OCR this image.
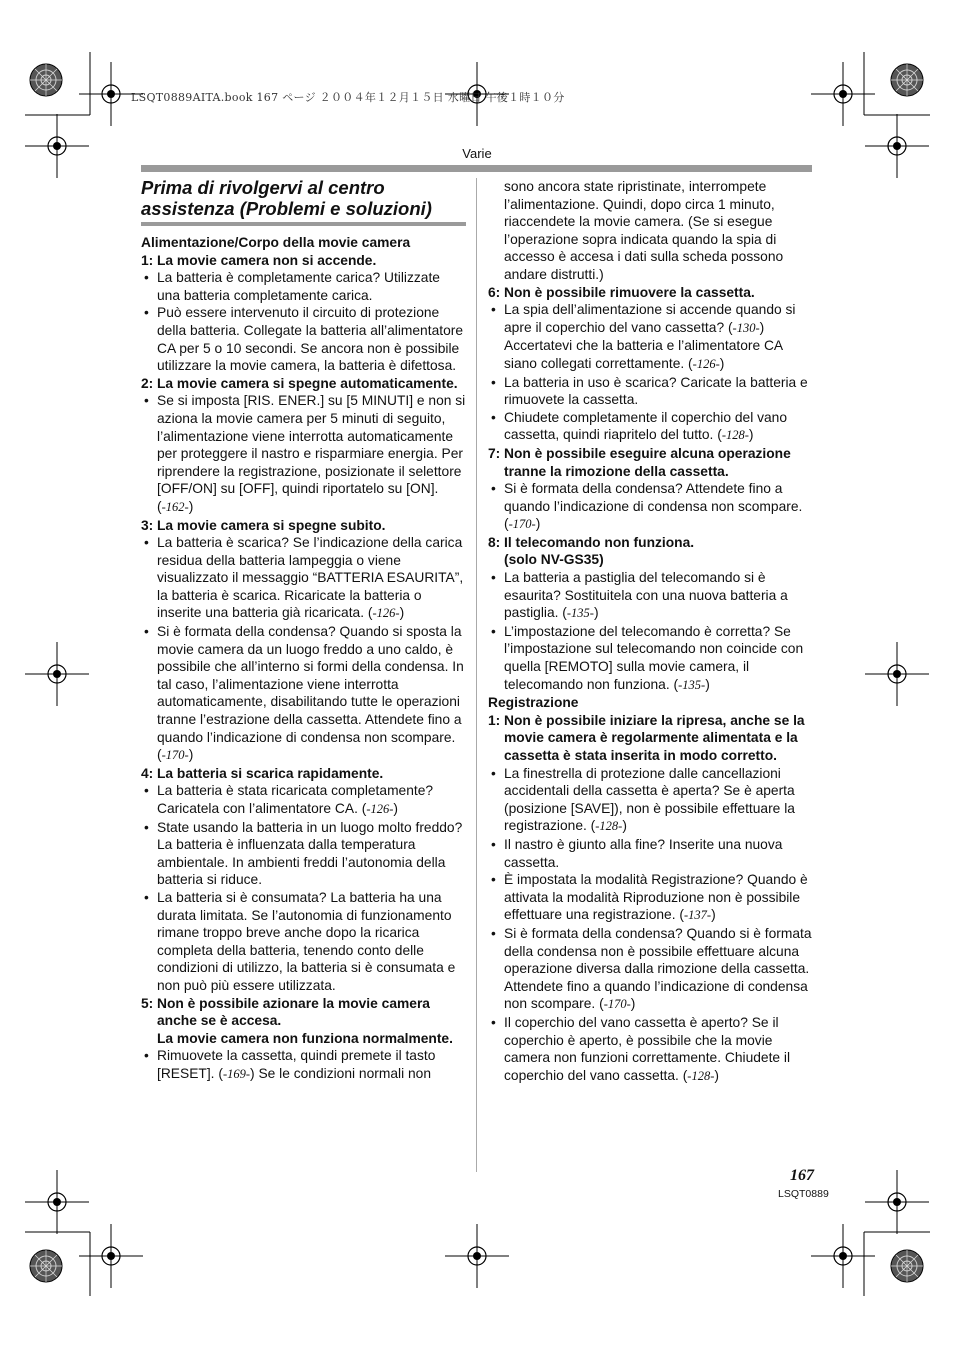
LSQT0889AITA.book 167 ページ ２００４年１２月１５日 水曜日 午後１時１０分
Varie
Prima di rivolgervi al centro assistenza (Problemi e soluzioni)
Alimentazione/Corpo della movie camera
1: La movie camera non si accende.
• La batteria è completamente carica? Utilizzate una batteria completamente carica.
• Può essere intervenuto il circuito di protezione della batteria. Collegate la batteria all’alimentatore CA per 5 o 10 secondi. Se ancora non è possibile utilizzare la movie camera, la batteria è difettosa.
2: La movie camera si spegne automaticamente.
• Se si imposta [RIS. ENER.] su [5 MINUTI] e non si aziona la movie camera per 5 minuti di seguito, l’alimentazione viene interrotta automaticamente per proteggere il nastro e risparmiare energia. Per riprendere la registrazione, posizionate il selettore [OFF/ON] su [OFF], quindi riportatelo su [ON]. (-162-)
3: La movie camera si spegne subito.
• La batteria è scarica? Se l’indicazione della carica residua della batteria lampeggia o viene visualizzato il messaggio “BATTERIA ESAURITA”, la batteria è scarica. Ricaricate la batteria o inserite una batteria già ricaricata. (-126-)
• Si è formata della condensa? Quando si sposta la movie camera da un luogo freddo a uno caldo, è possibile che all’interno si formi della condensa. In tal caso, l’alimentazione viene interrotta automaticamente, disabilitando tutte le operazioni tranne l’estrazione della cassetta. Attendete fino a quando l’indicazione di condensa non scompare. (-170-)
4: La batteria si scarica rapidamente.
• La batteria è stata ricaricata completamente? Caricatela con l’alimentatore CA. (-126-)
• State usando la batteria in un luogo molto freddo? La batteria è influenzata dalla temperatura ambientale. In ambienti freddi l’autonomia della batteria si riduce.
• La batteria si è consumata? La batteria ha una durata limitata. Se l’autonomia di funzionamento rimane troppo breve anche dopo la ricarica completa della batteria, tenendo conto delle condizioni di utilizzo, la batteria si è consumata e non può più essere utilizzata.
5: Non è possibile azionare la movie camera anche se è accesa.
La movie camera non funziona normalmente.
• Rimuovete la cassetta, quindi premete il tasto [RESET]. (-169-) Se le condizioni normali non
sono ancora state ripristinate, interrompete l’alimentazione. Quindi, dopo circa 1 minuto, riaccendete la movie camera. (Se si esegue l’operazione sopra indicata quando la spia di accesso è accesa i dati sulla scheda possono andare distrutti.)
6: Non è possibile rimuovere la cassetta.
• La spia dell’alimentazione si accende quando si apre il coperchio del vano cassetta? (-130-) Accertatevi che la batteria e l’alimentatore CA siano collegati correttamente. (-126-)
• La batteria in uso è scarica? Caricate la batteria e rimuovete la cassetta.
• Chiudete completamente il coperchio del vano cassetta, quindi riapritelo del tutto. (-128-)
7: Non è possibile eseguire alcuna operazione tranne la rimozione della cassetta.
• Si è formata della condensa? Attendete fino a quando l’indicazione di condensa non scompare. (-170-)
8: Il telecomando non funziona.
(solo NV-GS35)
• La batteria a pastiglia del telecomando si è esaurita? Sostituitela con una nuova batteria a pastiglia. (-135-)
• L’impostazione del telecomando è corretta? Se l’impostazione sul telecomando non coincide con quella [REMOTO] sulla movie camera, il telecomando non funziona. (-135-)
Registrazione
1: Non è possibile iniziare la ripresa, anche se la movie camera è regolarmente alimentata e la cassetta è stata inserita in modo corretto.
• La finestrella di protezione dalle cancellazioni accidentali della cassetta è aperta? Se è aperta (posizione [SAVE]), non è possibile effettuare la registrazione. (-128-)
• Il nastro è giunto alla fine? Inserite una nuova cassetta.
• È impostata la modalità Registrazione? Quando è attivata la modalità Riproduzione non è possibile effettuare una registrazione. (-137-)
• Si è formata della condensa? Quando si è formata della condensa non è possibile effettuare alcuna operazione diversa dalla rimozione della cassetta. Attendete fino a quando l’indicazione di condensa non scompare. (-170-)
• Il coperchio del vano cassetta è aperto? Se il coperchio è aperto, è possibile che la movie camera non funzioni correttamente. Chiudete il coperchio del vano cassetta. (-128-)
167
LSQT0889
